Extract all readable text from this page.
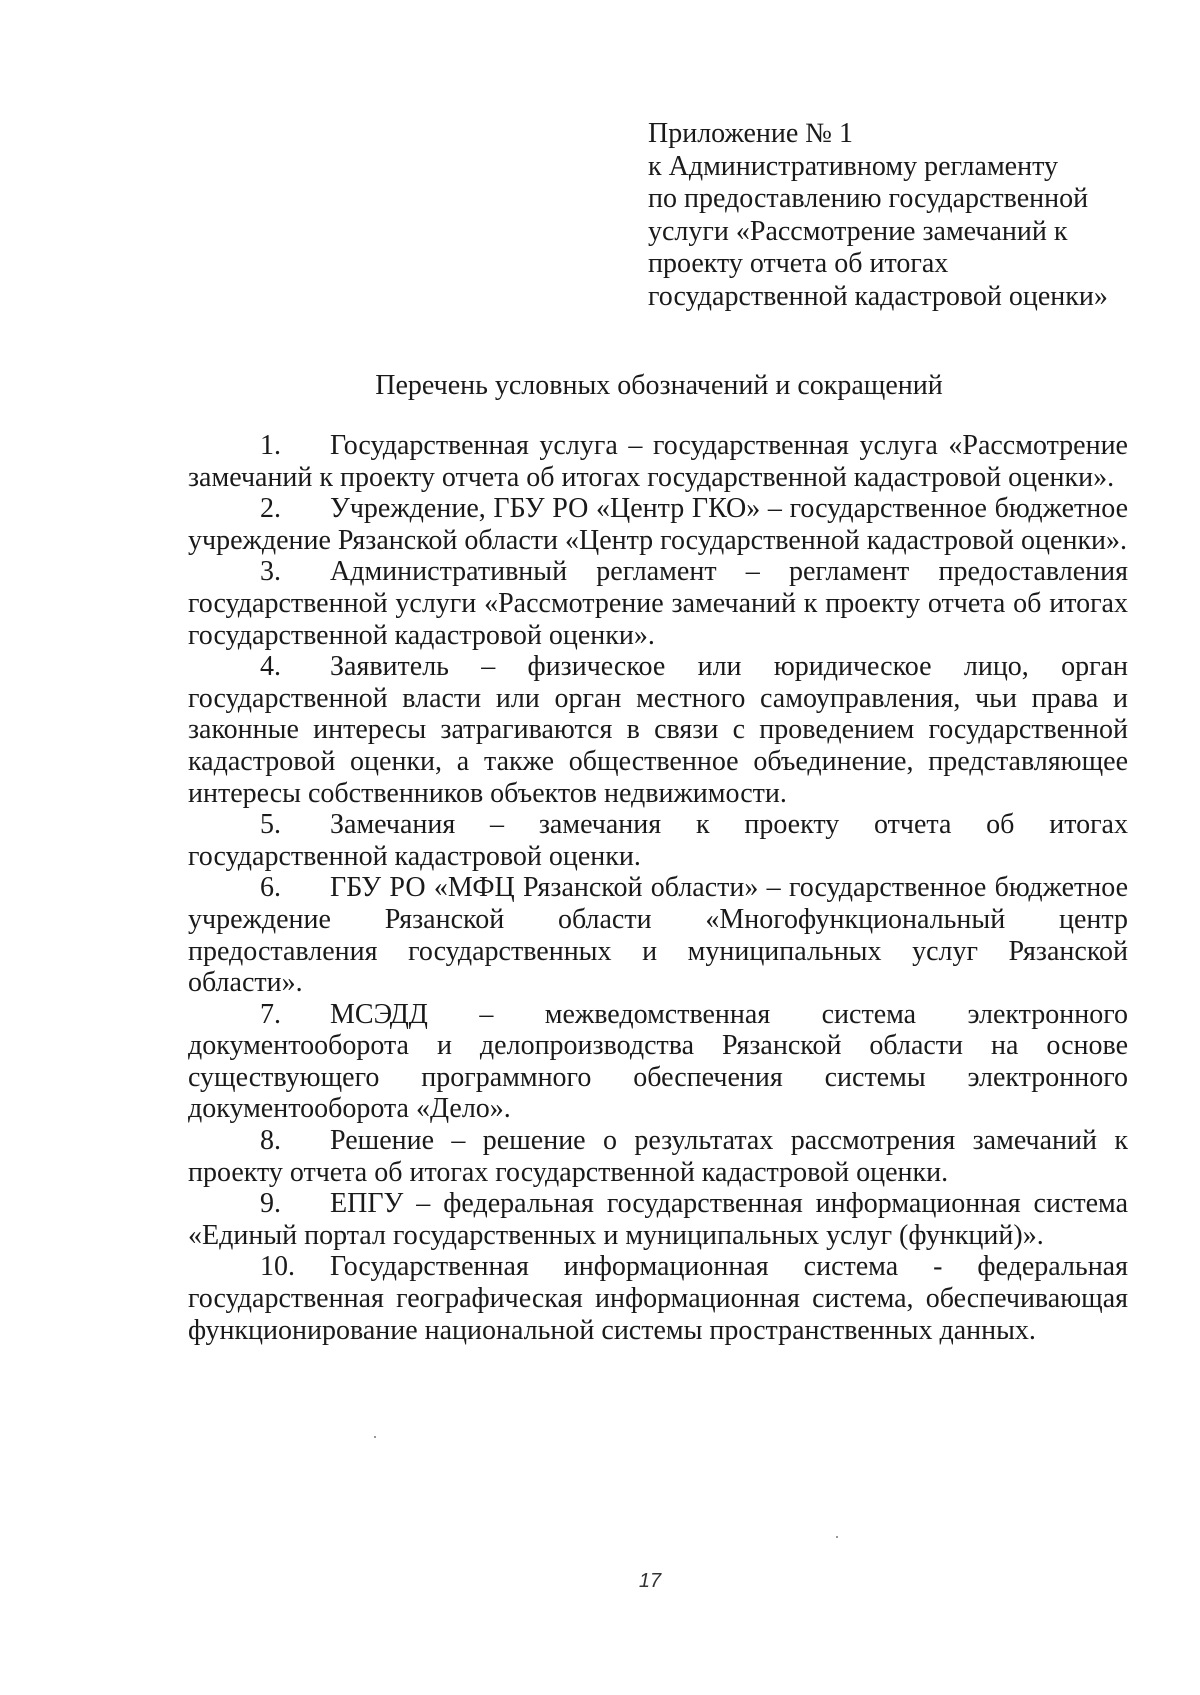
Приложение № 1
к Административному регламенту
по предоставлению государственной
услуги «Рассмотрение замечаний к
проекту отчета об итогах
государственной кадастровой оценки»
Перечень условных обозначений и сокращений
1. Государственная услуга – государственная услуга «Рассмотрение замечаний к проекту отчета об итогах государственной кадастровой оценки».
2. Учреждение, ГБУ РО «Центр ГКО» – государственное бюджетное учреждение Рязанской области «Центр государственной кадастровой оценки».
3. Административный регламент – регламент предоставления государственной услуги «Рассмотрение замечаний к проекту отчета об итогах государственной кадастровой оценки».
4. Заявитель – физическое или юридическое лицо, орган государственной власти или орган местного самоуправления, чьи права и законные интересы затрагиваются в связи с проведением государственной кадастровой оценки, а также общественное объединение, представляющее интересы собственников объектов недвижимости.
5. Замечания – замечания к проекту отчета об итогах государственной кадастровой оценки.
6. ГБУ РО «МФЦ Рязанской области» – государственное бюджетное учреждение Рязанской области «Многофункциональный центр предоставления государственных и муниципальных услуг Рязанской области».
7. МСЭДД – межведомственная система электронного документооборота и делопроизводства Рязанской области на основе существующего программного обеспечения системы электронного документооборота «Дело».
8. Решение – решение о результатах рассмотрения замечаний к проекту отчета об итогах государственной кадастровой оценки.
9. ЕПГУ – федеральная государственная информационная система «Единый портал государственных и муниципальных услуг (функций)».
10. Государственная информационная система - федеральная государственная географическая информационная система, обеспечивающая функционирование национальной системы пространственных данных.
17
